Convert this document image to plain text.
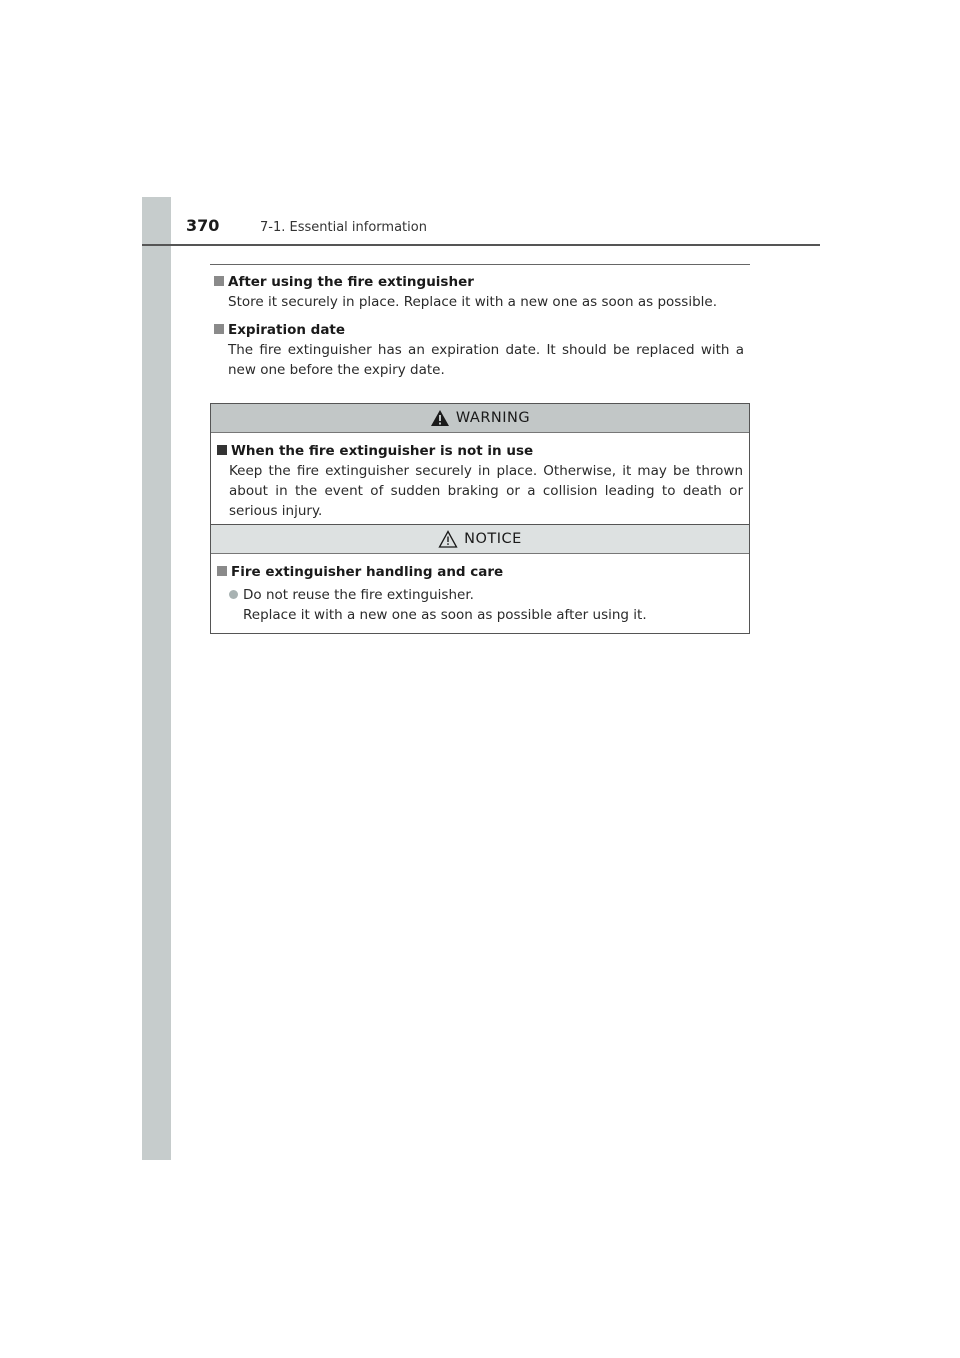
370	7-1. Essential information
After using the fire extinguisher
Store it securely in place. Replace it with a new one as soon as possible.
Expiration date
The fire extinguisher has an expiration date. It should be replaced with a new one before the expiry date.
WARNING
When the fire extinguisher is not in use
Keep the fire extinguisher securely in place. Otherwise, it may be thrown about in the event of sudden braking or a collision leading to death or serious injury.
NOTICE
Fire extinguisher handling and care
Do not reuse the fire extinguisher.
Replace it with a new one as soon as possible after using it.
